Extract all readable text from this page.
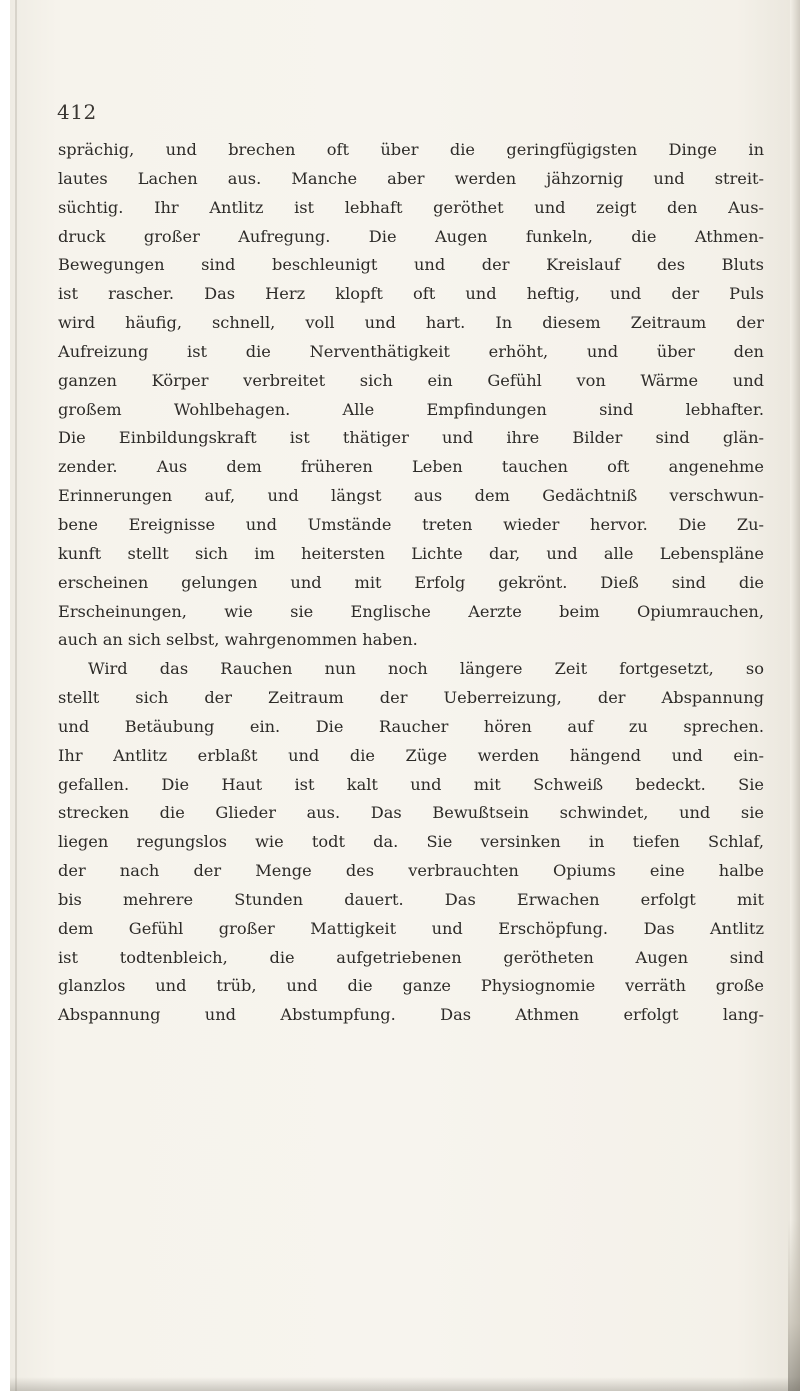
412
sprächig, und brechen oft über die geringfügigsten Dinge in
lautes Lachen aus. Manche aber werden jähzornig und streit-
süchtig. Ihr Antlitz ist lebhaft geröthet und zeigt den Aus-
druck großer Aufregung. Die Augen funkeln, die Athmen-
Bewegungen sind beschleunigt und der Kreislauf des Bluts
ist rascher. Das Herz klopft oft und heftig, und der Puls
wird häufig, schnell, voll und hart. In diesem Zeitraum der
Aufreizung ist die Nerventhätigkeit erhöht, und über den
ganzen Körper verbreitet sich ein Gefühl von Wärme und
großem Wohlbehagen. Alle Empfindungen sind lebhafter.
Die Einbildungskraft ist thätiger und ihre Bilder sind glän-
zender. Aus dem früheren Leben tauchen oft angenehme
Erinnerungen auf, und längst aus dem Gedächtniß verschwun-
bene Ereignisse und Umstände treten wieder hervor. Die Zu-
kunft stellt sich im heitersten Lichte dar, und alle Lebenspläne
erscheinen gelungen und mit Erfolg gekrönt. Dieß sind die
Erscheinungen, wie sie Englische Aerzte beim Opiumrauchen,
auch an sich selbst, wahrgenommen haben.
Wird das Rauchen nun noch längere Zeit fortgesetzt, so
stellt sich der Zeitraum der Ueberreizung, der Abspannung
und Betäubung ein. Die Raucher hören auf zu sprechen.
Ihr Antlitz erblaßt und die Züge werden hängend und ein-
gefallen. Die Haut ist kalt und mit Schweiß bedeckt. Sie
strecken die Glieder aus. Das Bewußtsein schwindet, und sie
liegen regungslos wie todt da. Sie versinken in tiefen Schlaf,
der nach der Menge des verbrauchten Opiums eine halbe
bis mehrere Stunden dauert. Das Erwachen erfolgt mit
dem Gefühl großer Mattigkeit und Erschöpfung. Das Antlitz
ist todtenbleich, die aufgetriebenen gerötheten Augen sind
glanzlos und trüb, und die ganze Physiognomie verräth große
Abspannung und Abstumpfung. Das Athmen erfolgt lang-
